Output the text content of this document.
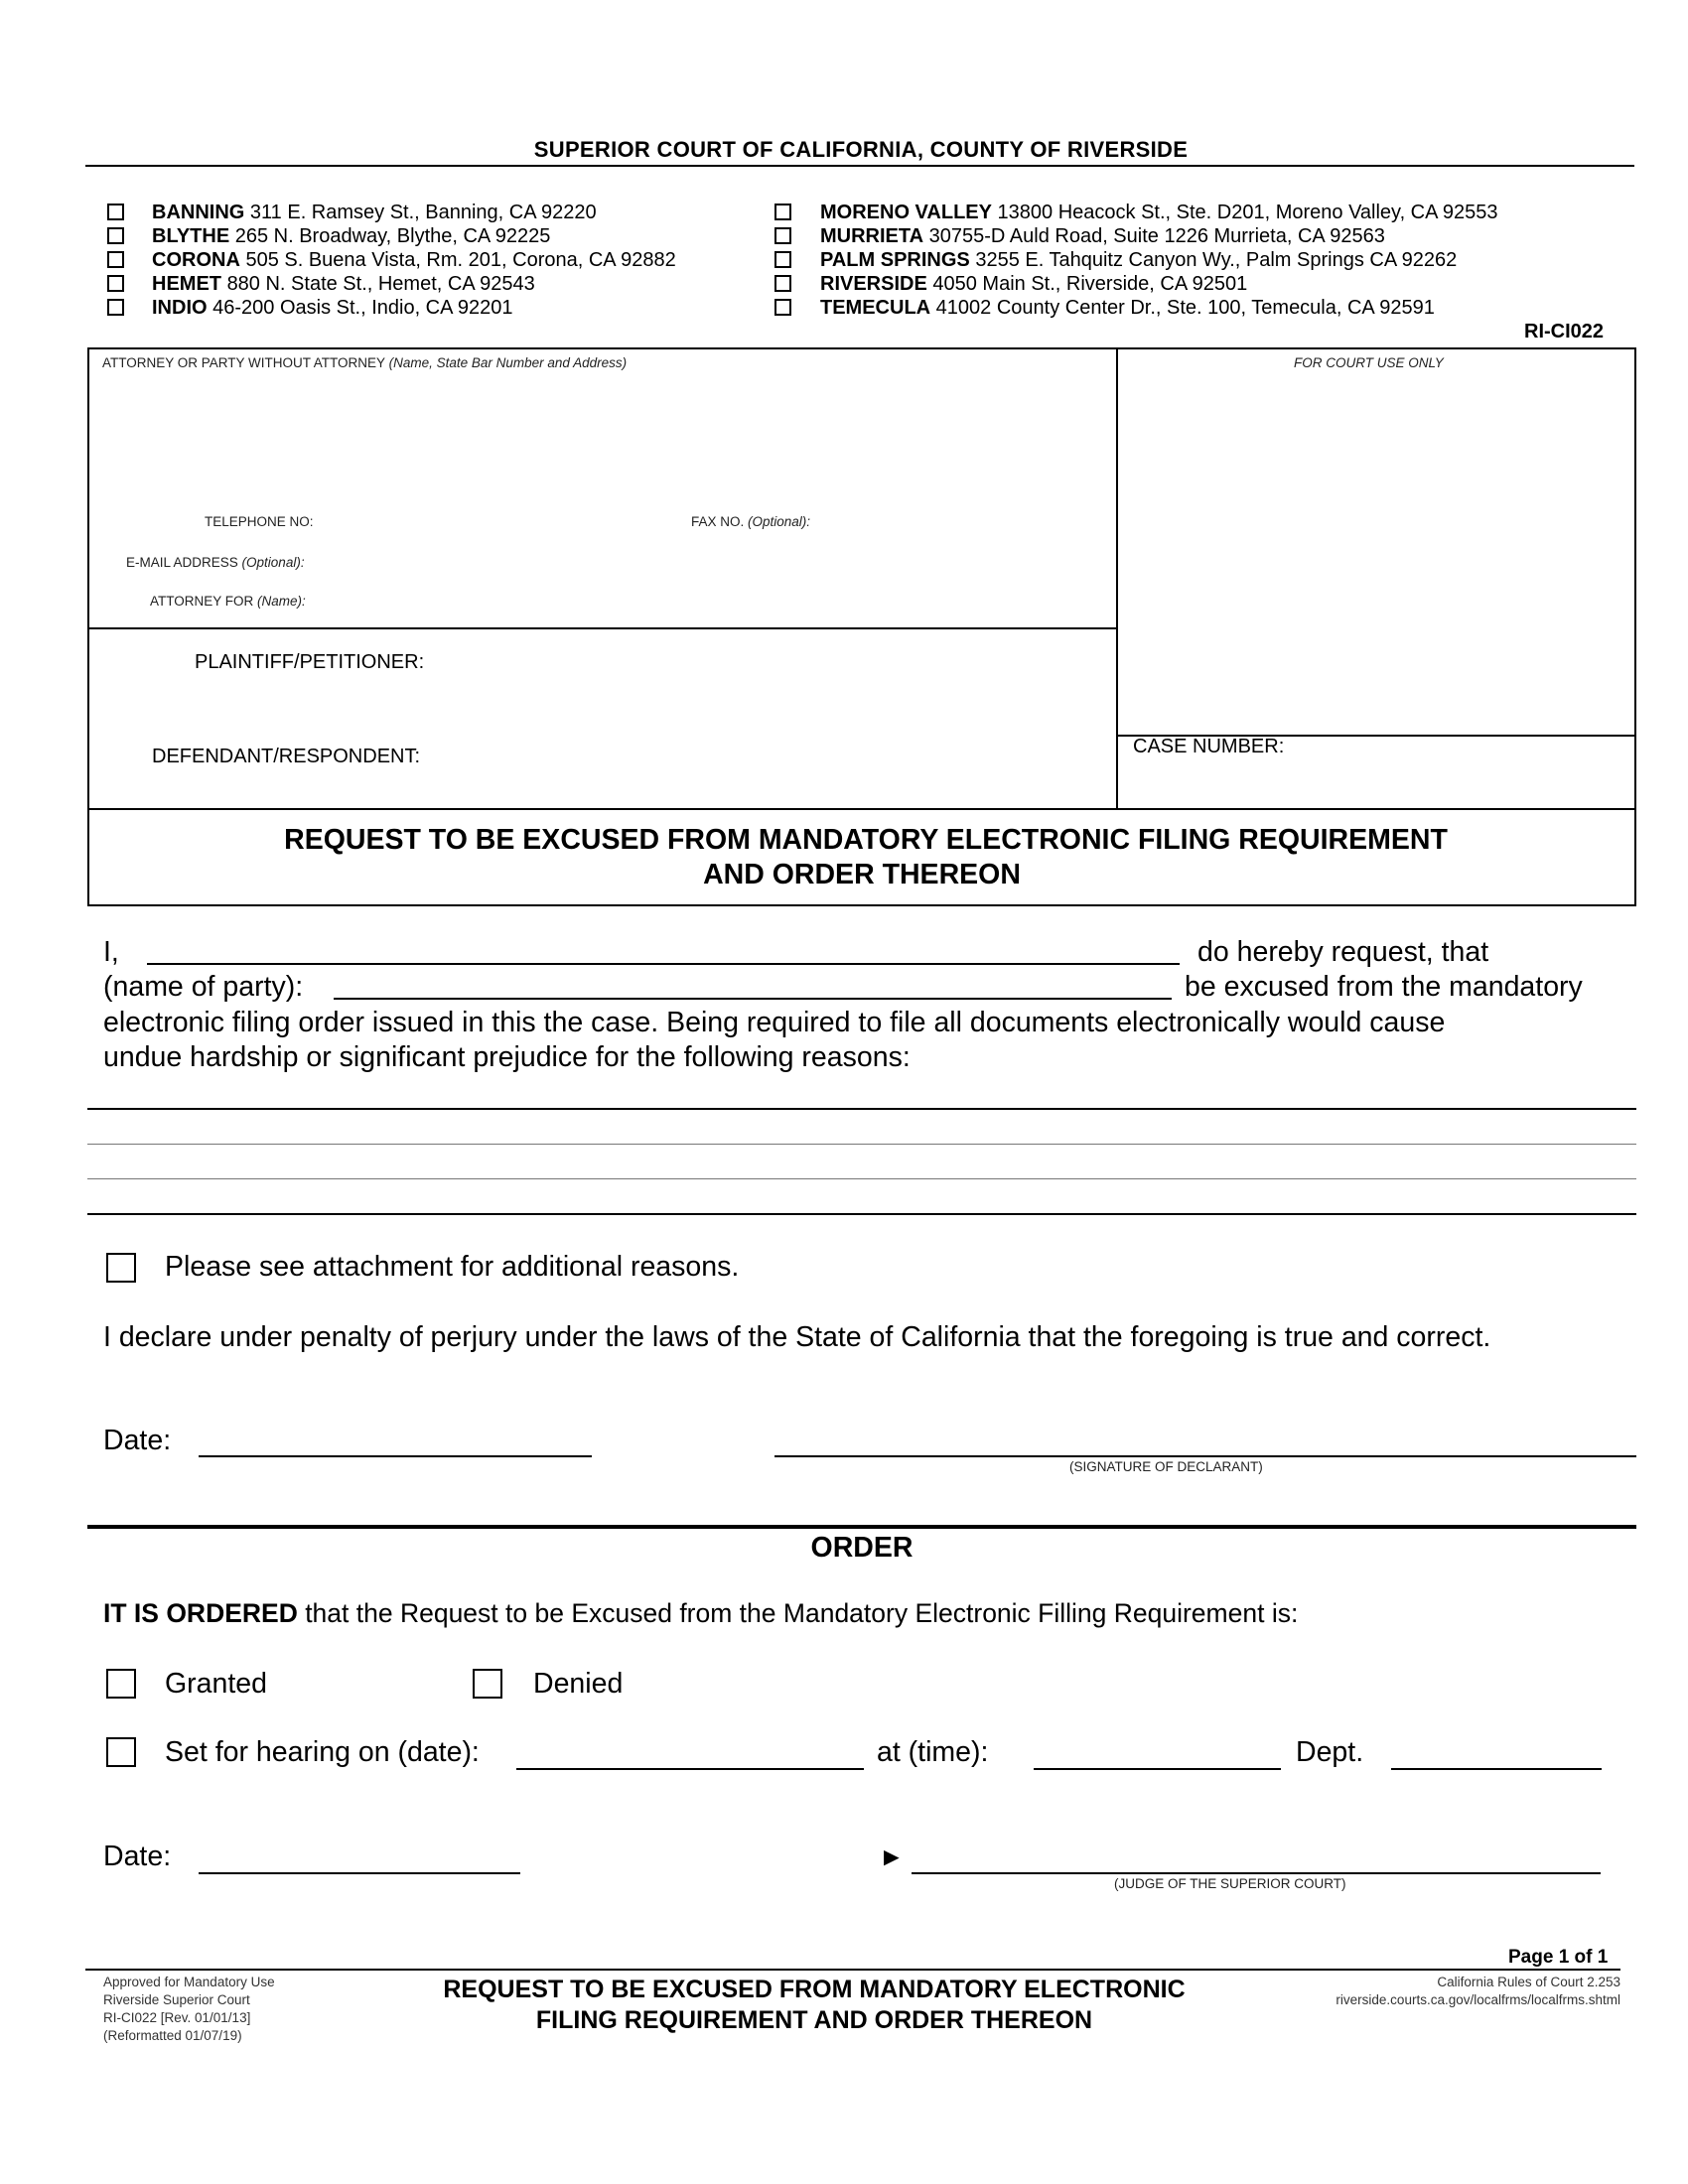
SUPERIOR COURT OF CALIFORNIA, COUNTY OF RIVERSIDE
BANNING 311 E. Ramsey St., Banning, CA 92220
BLYTHE 265 N. Broadway, Blythe, CA 92225
CORONA 505 S. Buena Vista, Rm. 201, Corona, CA 92882
HEMET 880 N. State St., Hemet, CA 92543
INDIO 46-200 Oasis St., Indio, CA 92201
MORENO VALLEY 13800 Heacock St., Ste. D201, Moreno Valley, CA 92553
MURRIETA 30755-D Auld Road, Suite 1226 Murrieta, CA 92563
PALM SPRINGS 3255 E. Tahquitz Canyon Wy., Palm Springs CA 92262
RIVERSIDE 4050 Main St., Riverside, CA 92501
TEMECULA 41002 County Center Dr., Ste. 100, Temecula, CA 92591
RI-CI022
ATTORNEY OR PARTY WITHOUT ATTORNEY (Name, State Bar Number and Address)	FOR COURT USE ONLY
TELEPHONE NO:	FAX NO. (Optional):
E-MAIL ADDRESS (Optional):
ATTORNEY FOR (Name):
PLAINTIFF/PETITIONER:
DEFENDANT/RESPONDENT:	CASE NUMBER:
REQUEST TO BE EXCUSED FROM MANDATORY ELECTRONIC FILING REQUIREMENT
AND ORDER THEREON
I,	do hereby request, that
(name of party):	be excused from the mandatory
electronic filing order issued in this the case. Being required to file all documents electronically would cause
undue hardship or significant prejudice for the following reasons:
Please see attachment for additional reasons.
I declare under penalty of perjury under the laws of the State of California that the foregoing is true and correct.
Date:
(SIGNATURE OF DECLARANT)
ORDER
IT IS ORDERED that the Request to be Excused from the Mandatory Electronic Filling Requirement is:
Granted	Denied
Set for hearing on (date):	at (time):	Dept.
Date:	►
(JUDGE OF THE SUPERIOR COURT)
Page 1 of 1
Approved for Mandatory Use
Riverside Superior Court
RI-CI022 [Rev. 01/01/13]
(Reformatted 01/07/19)
REQUEST TO BE EXCUSED FROM MANDATORY ELECTRONIC
FILING REQUIREMENT AND ORDER THEREON
California Rules of Court 2.253
riverside.courts.ca.gov/localfrms/localfrms.shtml
